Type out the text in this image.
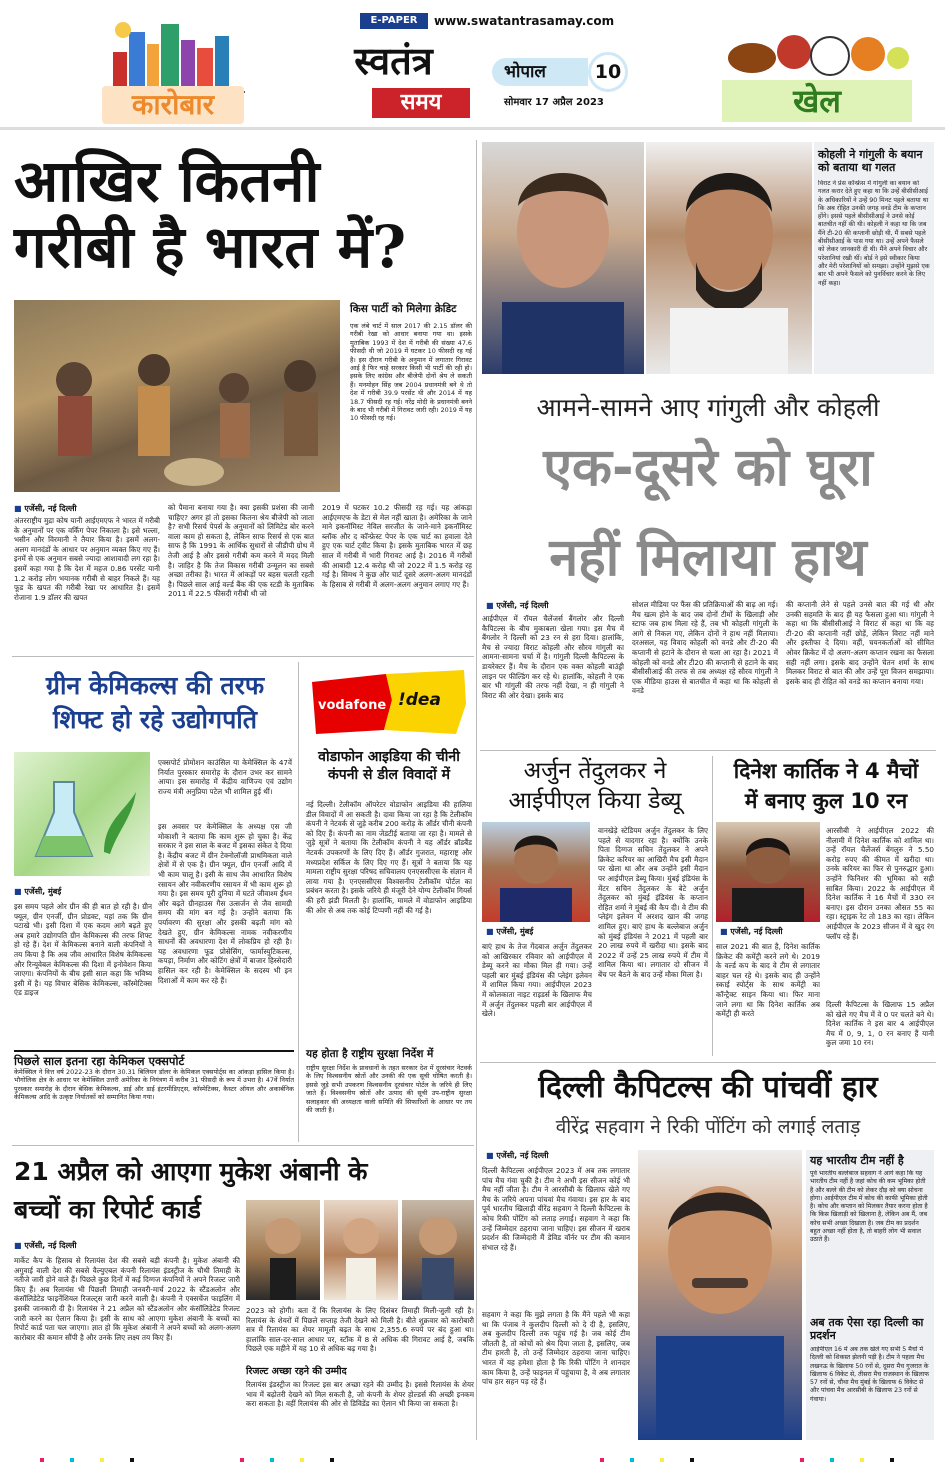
कारोबार
E-PAPER	www.swatantrasamay.com
स्वतंत्र
समय
भोपाल	10
सोमवार 17 अप्रैल 2023	खेल
आखिर कितनी
गरीबी है भारत में?
किस पार्टी को मिलेगा क्रेडिट
एक लंबे चार्ट में साल 2017 की 2.15 डॉलर की गरीबी रेखा को आधार बनाया गया था। इसके मुताबिक 1993 में देश में गरीबी की संख्या 47.6 फीसदी थी जो 2019 में घटकर 10 फीसदी रह गई है। इस दौरान गरीबी के अनुमान में लगातार गिरावट आई है फिर चाहे सरकार किसी भी पार्टी की रही हो। इसके लिए कांग्रेस और बीजेपी दोनों श्रेय ले सकती हैं। मनमोहन सिंह जब 2004 प्रधानमंत्री बने थे तो देश में गरीबी 39.9 परसेंट थी और 2014 में यह 18.7 फीसदी रह गई। नरेंद्र मोदी के प्रधानमंत्री बनने के बाद भी गरीबी में गिरावट जारी रही। 2019 में यह 10 फीसदी रह गई।
■ एजेंसी, नई दिल्ली
अंतरराष्ट्रीय मुद्रा कोष यानी आईएमएफ ने भारत में गरीबी के अनुमानों पर एक वर्किंग पेपर निकाला है। इसे भल्ला, भसीन और विरमानी ने तैयार किया है। इसमें अलग-अलग मानदंडों के आधार पर अनुमान व्यक्त किए गए हैं। इनमें से एक अनुमान सबसे ज्यादा आशावादी लग रहा है। इसमें कहा गया है कि देश में महज 0.86 परसेंट यानी 1.2 करोड़ लोग भयानक गरीबी से बाहर निकले हैं। यह फूड के खपत की गरीबी रेखा पर आधारित है। इसमें रोजाना 1.9 डॉलर की खपत
को पैमाना बनाया गया है। क्या इसकी प्रशंसा की जानी चाहिए? अगर हां तो इसका कितना श्रेय बीजेपी को जाता है? सभी रिसर्च पेपर्स के अनुमानों को लिमिटेड बोर करने वाला काम हो सकता है, लेकिन साफ रिसर्च से एक बात साफ है कि 1991 के आर्थिक सुधारों से जीडीपी ग्रोथ में तेजी आई है और इससे गरीबी कम करने में मदद मिली है। जाहिर है कि तेज विकास गरीबी उन्मूलन का सबसे अच्छा तरीका है। भारत में आंकड़ों पर बहस चलती रहती है। पिछले साल आई वर्ल्ड बैंक की एक स्टडी के मुताबिक 2011 में 22.5 फीसदी गरीबी थी जो
2019 में घटकर 10.2 फीसदी रह गई। यह आंकड़ा आईएमएफ के डेटा से मेल नहीं खाता है। अमेरिका के जाने माने इकनॉमिस्ट नेविल सरजीत के जाने-माने इकनॉमिस्ट ब्लॉक और द कॉन्फ्रेस्ट पेपर के एक चार्ट का हवाला देते हुए एक चार्ट ट्वीट किया है। इसके मुताबिक भारत में छह साल में गरीबी में भारी गिरावट आई है। 2016 में गरीबों की आबादी 12.4 करोड़ थी जो 2022 में 1.5 करोड़ रह गई है। सिमथ ने कुछ और चार्ट दूसरे अलग-अलग मानदंडों के हिसाब से गरीबी में अलग-अलग अनुमान लगाए गए हैं।
ग्रीन केमिकल्स की तरफ
शिफ्ट हो रहे उद्योगपति
एक्सपोर्ट प्रोमोशन काउंसिल या केमेक्सिल के 47वें निर्यात पुरस्कार समारोह के दौरान उभर कर सामने आया। इस समारोह में केंद्रीय वाणिज्य एवं उद्योग राज्य मंत्री अनुप्रिया पटेल भी शामिल हुई थीं।
इस अवसर पर केमेक्सिल के अध्यक्ष एस जी मोकाशी ने बताया कि काम शुरू हो चुका है। केंद्र सरकार ने इस साल के बजट में इसका संकेत दे दिया है। केंद्रीय बजट में ग्रीन टेक्नोलॉजी प्राथमिकता वाले क्षेत्रों में से एक है। ग्रीन फ्यूल, ग्रीन एनर्जी आदि में भी काम चालू है। इसी के साथ जैव आधारित विशेष रसायन और नवीकरणीय रसायन में भी काम शुरू हो गया है। इस समय पूरी दुनिया में घटते जीवाश्म ईंधन और बढ़ते ग्रीनहाउस गैस उत्सर्जन से जैव सामग्री समय की मांग बन गई है। उन्होंने बताया कि पर्यावरण की सुरक्षा और इसकी बढ़ती मांग को देखते हुए, ग्रीन केमिकल्स नामक नवीकरणीय साधनों की अवधारणा देश में लोकप्रिय हो रही है। यह अवधारणा फूड प्रोसेसिंग, फार्मास्युटिकल्स, कपड़ा, निर्माण और कोटिंग क्षेत्रों में बाजार हिस्सेदारी हासिल कर रही है। केमेक्सिल के सदस्य भी इन दिशाओं में काम कर रहे हैं।
■ एजेंसी, मुंबई
इस समय पहले ओर ग्रीन की ही बात हो रही है। ग्रीन फ्यूल, ग्रीन एनर्जी, ग्रीन प्रोडक्ट, यहां तक कि ग्रीन पटाखे भी। इसी दिशा में एक कदम आगे बढ़ते हुए अब हमारे उद्योगपति ग्रीन केमिकल्स की तरफ शिफ्ट हो रहे हैं। देश में केमिकल्स बनाने वाली कंपनियों ने तय किया है कि अब जीव आधारित विशेष केमिकल्स और रिन्यूवेबल केमिकल्स की दिशा में इनोवेशन किया जाएगा। कंपनियों के बीच इसी साल कहा कि भविष्य इसी में है। यह विचार बेसिक केमिकल्स, कॉस्मेटिक्स एंड डाइज
पिछले साल इतना रहा केमिकल एक्सपोर्ट
केमेक्सिल ने वित्त वर्ष 2022-23 के दौरान 30.31 बिलियन डॉलर के केमिकल एक्सपोर्ट्स का आंकड़ा हासिल किया है। भौगोलिक क्षेत्र के आधार पर केमेक्सिल उत्तरी अमेरिका के नियंत्रण में करीब 31 फीसदी के रूप में उभरा है। 47वें निर्यात पुरस्कार समारोह के दौरान बेसिक केमिकल्स, डाई और डाई इंटरमीडिएट्स, कॉस्मेटिक्स, कैस्टर ऑयल और अकार्बनिक केमिकल्स आदि के उत्कृष्ट निर्यातकों को सम्मानित किया गया।
vodafone !dea
वोडाफोन आइडिया की चीनी
कंपनी से डील विवादों में
नई दिल्ली। टेलीकॉम ऑपरेटर वोडाफोन आइडिया की हालिया डील विवादों में आ सकती है। दावा किया जा रहा है कि टेलीकॉम कंपनी ने नेटवर्क से जुड़े करीब 200 करोड़ के ऑर्डर चीनी कंपनी को दिए हैं। कंपनी का नाम जेडटीई बताया जा रहा है। मामले से जुड़े सूत्रों ने बताया कि टेलीकॉम कंपनी ने यह ऑर्डर ब्रॉडबैंड नेटवर्क उपकरणों के लिए दिए हैं। ऑर्डर गुजरात, महाराष्ट्र और मध्यप्रदेश सर्किल के लिए दिए गए हैं। सूत्रों ने बताया कि यह मामला राष्ट्रीय सुरक्षा परिषद सचिवालय एनएससीएस के संज्ञान में लाया गया है। एनएससीएस विश्वसनीय टेलीकॉम पोर्टल का प्रबंधन करता है। इसके जरिये ही मंजूरी देने योग्य टेलीकॉम गियर्स की हरी झंडी मिलती है। हालांकि, मामले में वोडाफोन आइडिया की ओर से अब तक कोई टिप्पणी नहीं की गई है।
यह होता है राष्ट्रीय सुरक्षा निर्देश में
राष्ट्रीय सुरक्षा निर्देश के प्रावधानों के तहत सरकार देश में दूरसंचार नेटवर्क के लिए विश्वसनीय स्रोतों और उनकी की एक सूची घोषित करती है। इससे जुड़े सभी उपकरण विश्वसनीय दूरसंचार पोर्टल के जरिये ही लिए जाते हैं। विश्वसनीय स्रोतों और उत्पाद की सूची उप-राष्ट्रीय सुरक्षा सलाहकार की अध्यक्षता वाली समिति की सिफारिशों के आधार पर तय की जाती है।
21 अप्रैल को आएगा मुकेश अंबानी के
बच्चों का रिपोर्ट कार्ड
■ एजेंसी, नई दिल्ली
मार्केट कैप के हिसाब से रिलायंस देश की सबसे बड़ी कंपनी है। मुकेश अंबानी की अगुवाई वाली देश की सबसे वैल्युएबल कंपनी रिलायंस इंडस्ट्रीज के चौथी तिमाही के नतीजे जारी होने वाले हैं। पिछले कुछ दिनों में कई दिग्गज कंपनियों ने अपने रिजल्ट जारी किए हैं। अब रिलायंस भी पिछली तिमाही जनवरी-मार्च 2022 के स्टैंडअलोन और कंसॉलिडेटेड फाइनेंशियल रिजल्ट्स जारी करने वाली है। कंपनी ने एक्सचेंज फाइलिंग में इसकी जानकारी दी है। रिलायंस ने 21 अप्रैल को स्टैंडअलोन और कंसॉलिडेटेड रिजल्ट जारी करने का ऐलान किया है। इसी के साथ को आएगा मुकेश अंबानी के बच्चों का रिपोर्ट कार्ड पता चल जाएगा। ज्ञात हो कि मुकेश अंबानी ने अपने बच्चों को अलग-अलग कारोबार की कमान सौंपी है और उनके लिए लक्ष्य तय किए हैं।
2023 को होगी। बता दें कि रिलायंस के लिए दिसंबर तिमाही मिली-जुली रही है। रिलायंस के शेयरों में पिछले सप्ताह तेजी देखने को मिली है। बीते शुक्रवार को कारोबारी सत्र में रिलायंस का शेयर मामूली बढ़त के साथ 2,355.6 रुपये पर बंद हुआ था। हालांकि साल-दर-साल आधार पर, स्टॉक में 8 से अधिक की गिरावट आई है, जबकि पिछले एक महीने में यह 10 से अधिक बढ़ गया है।
रिजल्ट अच्छा रहने की उम्मीद
रिलायंस इंडस्ट्रीज का रिजल्ट इस बार अच्छा रहने की उम्मीद है। इससे रिलायंस के शेयर भाव में बढ़ोतरी देखने को मिल सकती है, जो कंपनी के शेयर होल्डर्स की अच्छी इनकम करा सकता है। वहीं रिलायंस की ओर से डिविडेंड का ऐलान भी किया जा सकता है।
कोहली ने गांगुली के बयान को बताया था गलत
विराट ने प्रेस कॉन्फ्रेंस में गांगुली का बयान को गलत करार देते हुए कहा था कि उन्हें बीसीसीआई के अधिकारियों ने उन्हें 90 मिनट पहले बताया था कि अब रोहित उनकी जगह वनडे टीम के कप्तान होंगे। इससे पहले बीसीसीआई ने उनसे कोई बातचीत नहीं की थी। कोहली ने कहा था कि जब मैंने टी-20 की कप्तानी छोड़ी थी, मैं सबसे पहले बीसीसीआई के पास गया था। उन्हें अपने फैसले को लेकर जानकारी दी थी। मैंने अपने विचार और परेशानियां रखी थीं। बोर्ड ने इसे स्वीकार किया और मेरी परेशानियों को समझा। उन्होंने मुझसे एक बार भी अपने फैसले को पुनर्विचार करने के लिए नहीं कहा।
आमने-सामने आए गांगुली और कोहली
एक-दूसरे को घूरा
नहीं मिलाया हाथ
■ एजेंसी, नई दिल्ली
आईपीएल में रॉयल चैलेंजर्स बैंगलोर और दिल्ली कैपिटल्स के बीच मुकाबला खेला गया। इस मैच में बैंगलोर ने दिल्ली को 23 रन से हरा दिया। हालांकि, मैच से ज्यादा विराट कोहली और सौरव गांगुली का आमना-सामना चर्चा में है। गांगुली दिल्ली कैपिटल्स के डायरेक्टर हैं। मैच के दौरान एक वक्त कोहली बाउंड्री लाइन पर फील्डिंग कर रहे थे। हालांकि, कोहली ने एक बार भी गांगुली की तरफ नहीं देखा, न ही गांगुली ने विराट की ओर देखा। इसके बाद
सोशल मीडिया पर फैंस की प्रतिक्रियाओं की बाढ़ आ गई। मैच खत्म होने के बाद जब दोनों टीमों के खिलाड़ी और स्टाफ जब हाथ मिला रहे हैं, तब भी कोहली गांगुली के आगे से निकल गए, लेकिन दोनों ने हाथ नहीं मिलाया। दरअसल, यह विवाद कोहली को वनडे और टी-20 की कप्तानी से हटाने के दौरान से चला आ रहा है। 2021 में कोहली को वनडे और टी20 की कप्तानी से हटाने के बाद बीसीसीआई की तरफ से तब अध्यक्ष रहे सौरव गांगुली ने एक मीडिया हाउस से बातचीत में कहा था कि कोहली से वनडे
की कप्तानी लेने से पहले उनसे बात की गई थी और उनकी सहमति के बाद ही यह फैसला हुआ था। गांगुली ने कहा था कि बीसीसीआई ने विराट से कहा था कि वह टी-20 की कप्तानी नहीं छोड़ें, लेकिन विराट नहीं माने और इस्तीफा दे दिया। वहीं, चयनकर्ताओं को सीमित ओवर क्रिकेट में दो अलग-अलग कप्तान रखना का फैसला सही नहीं लगा। इसके बाद उन्होंने चेतन शर्मा के साथ मिलकर विराट से बात की और उन्हें पूरा विजन समझाया। इसके बाद ही रोहित को वनडे का कप्तान बनाया गया।
अर्जुन तेंदुलकर ने
आईपीएल किया डेब्यू
■ एजेंसी, मुंबई
बाएं हाथ के तेज गेंदबाज अर्जुन तेंदुलकर को आखिरकार रविवार को आईपीएल में डेब्यू करने का मौका मिल ही गया। उन्हें पहली बार मुंबई इंडियंस की प्लेइंग इलेवन में शामिल किया गया। आईपीएल 2023 में कोलकाता नाइट राइडर्स के खिलाफ मैच में अर्जुन तेंदुलकर पहली बार आईपीएल में खेले।
वानखेड़े स्टेडियम अर्जुन तेंदुलकर के लिए पहले से यादगार रहा है। क्योंकि उनके पिता दिग्गज सचिन तेंदुलकर ने अपने क्रिकेट करियर का आखिरी मैच इसी मैदान पर खेला था और अब उन्होंने इसी मैदान पर आईपीएल डेब्यू किया। मुंबई इंडियंस के मेंटर सचिन तेंदुलकर के बेटे अर्जुन तेंदुलकर को मुंबई इंडियंस के कप्तान रोहित शर्मा ने मुंबई की कैप दी। वे टीम की प्लेइंग इलेवन में अरशद खान की जगह शामिल हुए। बाएं हाथ के बल्लेबाज अर्जुन को मुंबई इंडियंस ने 2021 में पहली बार 20 लाख रुपये में खरीदा था। इसके बाद 2022 में उन्हें 25 लाख रुपये में टीम में शामिल किया था। लगातार दो सीजन में बेंच पर बैठने के बाद उन्हें मौका मिला है।
दिनेश कार्तिक ने 4 मैचों
में बनाए कुल 10 रन
■ एजेंसी, नई दिल्ली
साल 2021 की बात है, दिनेश कार्तिक क्रिकेट की कमेंट्री करने लगे थे। 2019 के वर्ल्ड कप के बाद वे टीम से लगातार बाहर चल रहे थे। इसके बाद ही उन्होंने स्काई स्पोर्ट्स के साथ कमेंट्री का कॉन्ट्रैक्ट साइन किया था। फिर माना जाने लगा था कि दिनेश कार्तिक अब कमेंट्री ही करते
आरसीबी ने आईपीएल 2022 की नीलामी में दिनेश कार्तिक को शामिल था। उन्हें रॉयल चैलेंजर्स बेंगलुरु ने 5.50 करोड़ रुपए की कीमत में खरीदा था। उनके करियर का फिर से पुनरुद्धार हुआ। उन्होंने फिनिशर की भूमिका को सही साबित किया। 2022 के आईपीएल में दिनेश कार्तिक ने 16 मैचों में 330 रन बनाए। इस दौरान उनका औसत 55 का रहा। स्ट्राइक रेट तो 183 का रहा। लेकिन आईपीएल के 2023 सीजन में वे खुद रंग फ्लॉप रहे हैं।
दिल्ली कैपिटल्स के खिलाफ 15 अप्रैल को खेले गए मैच में वे 0 पर चलते बने थे। दिनेश कार्तिक ने इस बार 4 आईपीएल मैच में 0, 9, 1, 0 रन बनाए हैं यानी कुल जमा 10 रन।
दिल्ली कैपिटल्स की पांचवीं हार
वीरेंद्र सहवाग ने रिकी पोंटिंग को लगाई लताड़
■ एजेंसी, नई दिल्ली
दिल्ली कैपिटल्स आईपीएल 2023 में अब तक लगातार पांच मैच गंवा चुकी है। टीम ने अभी इस सीजन कोई भी मैच नहीं जीता है। टीम ने आरसीबी के खिलाफ खेले गए मैच के जरिये अपना पांचवां मैच गंवाया। इस हार के बाद पूर्व भारतीय खिलाड़ी वीरेंद्र सहवाग ने दिल्ली कैपिटल्स के कोच रिकी पोंटिंग को लताड़ लगाई। सहवाग ने कहा कि उन्हें जिम्मेदार ठहराया जाना चाहिए। इस सीजन में खराब प्रदर्शन की जिम्मेदारी मैं डेविड वॉर्नर पर टीम की कमान संभाल रहे हैं।
सहवाग ने कहा कि मुझे लगता है कि मैंने पहले भी कहा था कि पंजाब ने कुलदीप दिल्ली को दे दी है, इसलिए, अब कुलदीप दिल्ली तक पहुंच गई है। जब कोई टीम जीतती है, तो कोचों को श्रेय दिया जाता है, इसलिए, जब टीम हारती है, तो उन्हें जिम्मेदार ठहराया जाना चाहिए। भारत में यह हमेशा होता है कि रिकी पोंटिंग ने शानदार काम किया है, उन्हें फाइनल में पहुंचाया है, वे अब लगातार पांच हार सहन पड़ रहे हैं।
यह भारतीय टीम नहीं है
पूर्व भारतीय बल्लेबाज सहवाग ने आगे कहा कि यह भारतीय टीम नहीं है जहां कोच की कम भूमिका होती है और बल्ले की टीम को लेकर दौड़ को क्या सोचना होगा। आईपीएल टीम में कोच की काफी भूमिका होती है। कोच और कप्तान को मिलकर तैयार करना होता है कि किस खिलाड़ी को खिलाना है, लेकिन अब मैं, जब कोच सभी अच्छा दिखाता है। जब टीम का प्रदर्शन बहुत अच्छा नहीं होता है, तो बाहरी लोग भी सवाल उठाते हैं।
अब तक ऐसा रहा दिल्ली का प्रदर्शन
आईपीएल 16 में अब तक खेले गए सभी 5 मैचों में दिल्ली को शिकस्त झेलनी पड़ी है। टीम ने पहला मैच लखनऊ के खिलाफ 50 रनों से, दूसरा मैच गुजरात के खिलाफ 6 विकेट से, तीसरा मैच राजस्थान के खिलाफ 57 रनों से, चौथा मैच मुंबई के खिलाफ 6 विकेट से और पांचवा मैच आरसीबी के खिलाफ 23 रनों से गंवाया।
